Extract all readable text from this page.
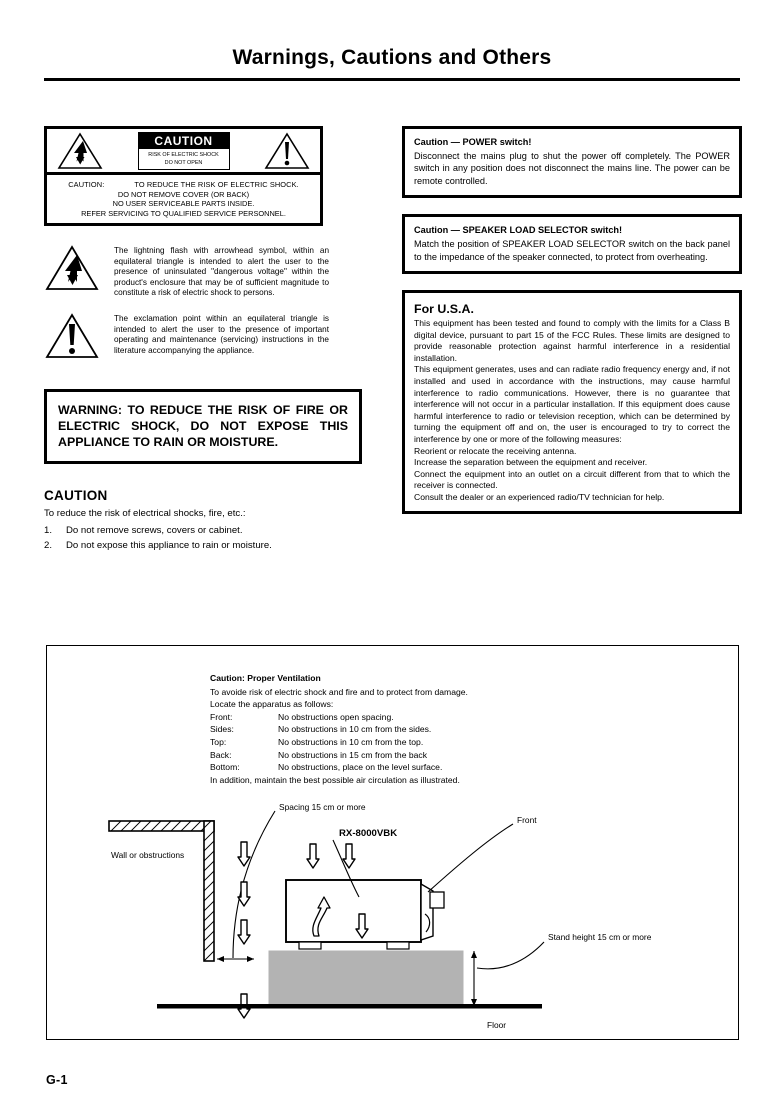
Warnings, Cautions and Others
CAUTION
RISK OF ELECTRIC SHOCK
DO NOT OPEN
CAUTION:	TO REDUCE THE RISK OF ELECTRIC SHOCK.
DO NOT REMOVE COVER (OR BACK)
NO USER SERVICEABLE PARTS INSIDE.
REFER SERVICING TO QUALIFIED SERVICE PERSONNEL.
The lightning flash with arrowhead symbol, within an equilateral triangle is intended to alert the user to the presence of uninsulated "dangerous voltage" within the product's enclosure that may be of sufficient magnitude to constitute a risk of electric shock to persons.
The exclamation point within an equilateral triangle is intended to alert the user to the presence of important operating and maintenance (servicing) instructions in the literature accompanying the appliance.

WARNING: TO REDUCE THE RISK OF FIRE OR ELECTRIC SHOCK, DO NOT EXPOSE THIS APPLIANCE TO RAIN OR MOISTURE.

CAUTION

To reduce the risk of electrical shocks, fire, etc.:

1.	Do not remove screws, covers or cabinet.
2.	Do not expose this appliance to rain or moisture.
Caution — POWER switch!

Disconnect the mains plug to shut the power off completely. The POWER switch in any position does not disconnect the mains line. The power can be remote controlled.

Caution — SPEAKER LOAD SELECTOR switch!

Match the position of SPEAKER LOAD SELECTOR switch on the back panel to the impedance of the speaker connected, to protect from overheating.

For U.S.A.

This equipment has been tested and found to comply with the limits for a Class B digital device, pursuant to part 15 of the FCC Rules. These limits are designed to provide reasonable protection against harmful interference in a residential installation.

This equipment generates, uses and can radiate radio frequency energy and, if not installed and used in accordance with the instructions, may cause harmful interference to radio communications. However, there is no guarantee that interference will not occur in a particular installation. If this equipment does cause harmful interference to radio or television reception, which can be determined by turning the equipment off and on, the user is encouraged to try to correct the interference by one or more of the following measures:

Reorient or relocate the receiving antenna.

Increase the separation between the equipment and receiver.

Connect the equipment into an outlet on a circuit different from that to which the receiver is connected.

Consult the dealer or an experienced radio/TV technician for help.

Caution: Proper Ventilation
To avoide risk of electric shock and fire and to protect from damage.
Locate the apparatus as follows:
Front:	No obstructions open spacing.
Sides:	No obstructions in 10 cm from the sides.
Top:	No obstructions in 10 cm from the top.
Back:	No obstructions in 15 cm from the back
Bottom:	No obstructions, place on the level surface.
In addition, maintain the best possible air circulation as illustrated.
Wall or obstructions
Spacing 15 cm or more
RX-8000VBK
Front
Stand height 15 cm or more
Floor
G-1
